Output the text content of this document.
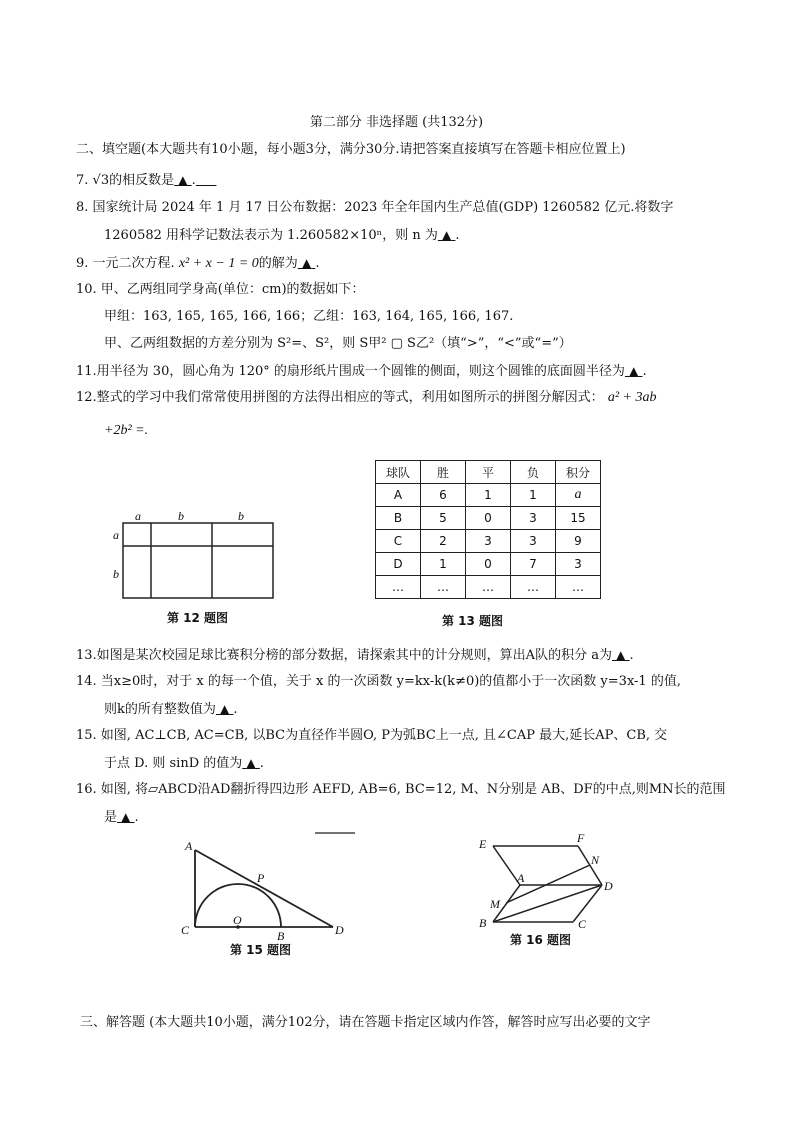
第二部分 非选择题 (共132分)
二、填空题(本大题共有10小题，每小题3分，满分30分.请把答案直接填写在答题卡相应位置上)
7. √3的相反数是 ▲ .
8. 国家统计局 2024 年 1 月 17 日公布数据：2023 年全年国内生产总值(GDP) 1260582 亿元.将数字
1260582 用科学记数法表示为 1.260582×10ⁿ，则 n 为 ▲ .
9. 一元二次方程. x² + x − 1 = 0的解为 ▲ .
10. 甲、乙两组同学身高(单位：cm)的数据如下：
甲组：163, 165, 165, 166, 166；乙组：163, 164, 165, 166, 167.
甲、乙两组数据的方差分别为 S²=、S²，则 S甲² ▢ S乙²（填“>”，“<”或“=”）
11.用半径为 30，圆心角为 120° 的扇形纸片围成一个圆锥的侧面，则这个圆锥的底面圆半径为 ▲ .
12.整式的学习中我们常常使用拼图的方法得出相应的等式，利用如图所示的拼图分解因式： a² + 3ab
+2b² =.
a	b	b
a
b
第 12 题图
球队	胜	平	负	积分
A	6	1	1	a
B	5	0	3	15
C	2	3	3	9
D	1	0	7	3
…	…	…	…	…
第 13 题图
13.如图是某次校园足球比赛积分榜的部分数据，请探索其中的计分规则，算出A队的积分 a为 ▲ .
14. 当x≥0时，对于 x 的每一个值，关于 x 的一次函数 y=kx-k(k≠0)的值都小于一次函数 y=3x-1 的值,
则k的所有整数值为 ▲ .
15. 如图, AC⊥CB, AC=CB, 以BC为直径作半圆O, P为弧BC上一点, 且∠CAP 最大,延长AP、CB, 交
于点 D. 则 sinD 的值为 ▲ .
16. 如图, 将▱ABCD沿AD翻折得四边形 AEFD, AB=6, BC=12, M、N分别是 AB、DF的中点,则MN长的范围
是 ▲ .
A
P
C
O
B	D
第 15 题图
E	F
N
A
D
M
B	C
第 16 题图
三、解答题 (本大题共10小题，满分102分，请在答题卡指定区域内作答，解答时应写出必要的文字
